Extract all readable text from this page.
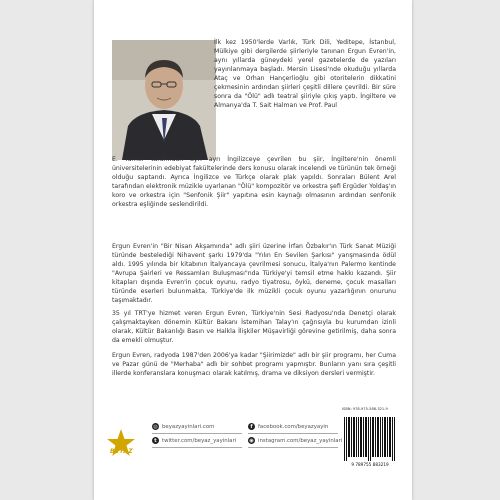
İlk kez 1950'lerde Varlık, Türk Dili, Yeditepe, İstanbul, Mülkiye gibi dergilerde şiirleriyle tanınan Ergun Evren'in, aynı yıllarda güneydeki yerel gazetelerde de yazıları yayınlanmaya başladı. Mersin Lisesi'nde okuduğu yıllarda Ataç ve Orhan Hançerlioğlu gibi otoritelerin dikkatini çekmesinin ardından şiirleri çeşitli dillere çevrildi. Bir süre sonra da "Ölü" adlı teatral şiiriyle çıkış yaptı. İngiltere ve Almanya'da T. Sait Halman ve Prof. Paul
E. Turner tarafından ayrı ayrı İngilizceye çevrilen bu şiir, İngiltere'nin önemli üniversitelerinin edebiyat fakültelerinde ders konusu olarak incelendi ve türünün tek örneği olduğu saptandı. Ayrıca İngilizce ve Türkçe olarak plak yapıldı. Sonraları Bülent Arel tarafından elektronik müzikle uyarlanan "Ölü" kompozitör ve orkestra şefi Ergüder Yoldaş'ın koro ve orkestra için "Senfonik Şiir" yapıtına esin kaynağı olmasının ardından senfonik orkestra eşliğinde seslendirildi.
Ergun Evren'in "Bir Nisan Akşamında" adlı şiiri üzerine İrfan Özbakır'ın Türk Sanat Müziği türünde bestelediği Nihavent şarkı 1979'da "Yılın En Sevilen Şarkısı" yarışmasında ödül aldı. 1995 yılında bir kitabının İtalyancaya çevrilmesi sonucu, İtalya'nın Palermo kentinde "Avrupa Şairleri ve Ressamları Buluşması"nda Türkiye'yi temsil etme hakkı kazandı. Şiir kitapları dışında Evren'in çocuk oyunu, radyo tiyatrosu, öykü, deneme, çocuk masalları türünde eserleri bulunmakta, Türkiye'de ilk müzikli çocuk oyunu yazarlığının onurunu taşımaktadır.
35 yıl TRT'ye hizmet veren Ergun Evren, Türkiye'nin Sesi Radyosu'nda Denetçi olarak çalışmaktayken dönemin Kültür Bakanı İstemihan Talay'ın çağrısıyla bu kurumdan izinli olarak, Kültür Bakanlığı Basın ve Halkla İlişkiler Müşavirliği görevine getirilmiş, daha sonra da emekli olmuştur.
Ergun Evren, radyoda 1987'den 2006'ya kadar "Şiirimizde" adlı bir şiir programı, her Cuma ve Pazar günü de "Merhaba" adlı bir sohbet programı yapmıştır. Bunların yanı sıra çeşitli illerde konferanslara konuşmacı olarak katılmış, drama ve diksiyon dersleri vermiştir.
BEYAZ
◎ beyazyayinlari.com	f	facebook.com/beyazyayin
t twitter.com/beyaz_yayinlari	◉ instagram.com/beyaz_yayinlari
ISBN: 978-975-588-321-9
9 789755 883219
